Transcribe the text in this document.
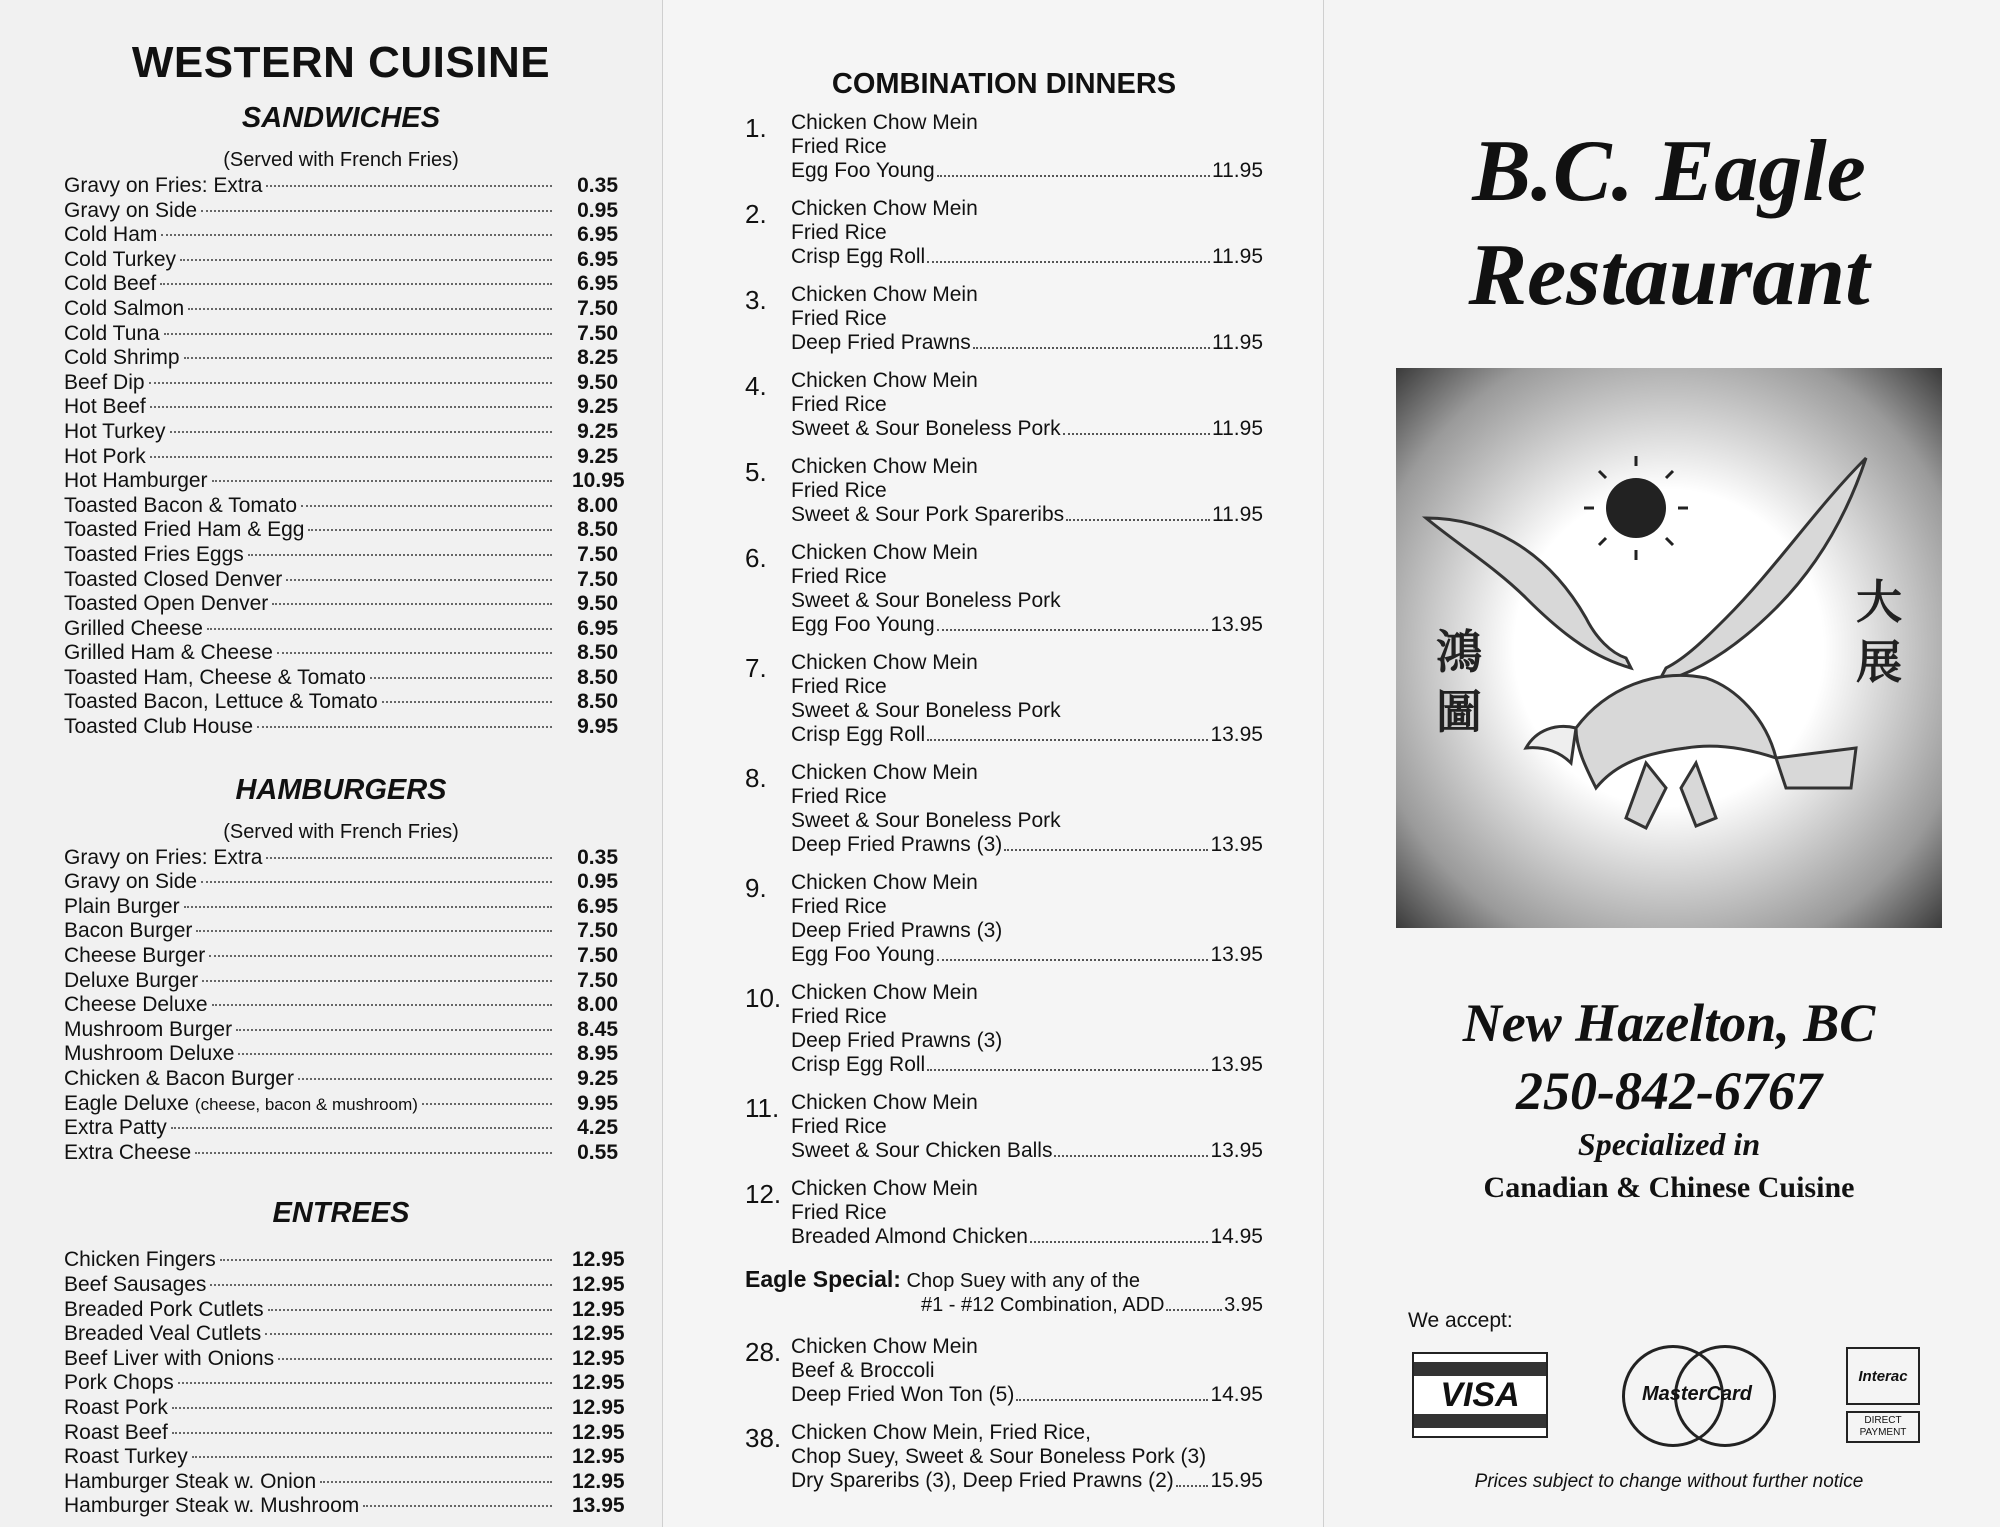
WESTERN CUISINE
SANDWICHES
(Served with French Fries)
Gravy on Fries: Extra	0.35
Gravy on Side	0.95
Cold Ham	6.95
Cold Turkey	6.95
Cold Beef	6.95
Cold Salmon	7.50
Cold Tuna	7.50
Cold Shrimp	8.25
Beef Dip	9.50
Hot Beef	9.25
Hot Turkey	9.25
Hot Pork	9.25
Hot Hamburger	10.95
Toasted Bacon & Tomato	8.00
Toasted Fried Ham & Egg	8.50
Toasted Fries Eggs	7.50
Toasted Closed Denver	7.50
Toasted Open Denver	9.50
Grilled Cheese	6.95
Grilled Ham & Cheese	8.50
Toasted Ham, Cheese & Tomato	8.50
Toasted Bacon, Lettuce & Tomato	8.50
Toasted Club House	9.95
HAMBURGERS
(Served with French Fries)
Gravy on Fries: Extra	0.35
Gravy on Side	0.95
Plain Burger	6.95
Bacon Burger	7.50
Cheese Burger	7.50
Deluxe Burger	7.50
Cheese Deluxe	8.00
Mushroom Burger	8.45
Mushroom Deluxe	8.95
Chicken & Bacon Burger	9.25
Eagle Deluxe (cheese, bacon & mushroom)	9.95
Extra Patty	4.25
Extra Cheese	0.55
ENTREES
Chicken Fingers	12.95
Beef Sausages	12.95
Breaded Pork Cutlets	12.95
Breaded Veal Cutlets	12.95
Beef Liver with Onions	12.95
Pork Chops	12.95
Roast Pork	12.95
Roast Beef	12.95
Roast Turkey	12.95
Hamburger Steak w. Onion	12.95
Hamburger Steak w. Mushroom	13.95
COMBINATION DINNERS
1.	Chicken Chow Mein
Fried Rice
Egg Foo Young	11.95
2.	Chicken Chow Mein
Fried Rice
Crisp Egg Roll	11.95
3.	Chicken Chow Mein
Fried Rice
Deep Fried Prawns	11.95
4.	Chicken Chow Mein
Fried Rice
Sweet & Sour Boneless Pork	11.95
5.	Chicken Chow Mein
Fried Rice
Sweet & Sour Pork Spareribs	11.95
6.	Chicken Chow Mein
Fried Rice
Sweet & Sour Boneless Pork
Egg Foo Young	13.95
7.	Chicken Chow Mein
Fried Rice
Sweet & Sour Boneless Pork
Crisp Egg Roll	13.95
8.	Chicken Chow Mein
Fried Rice
Sweet & Sour Boneless Pork
Deep Fried Prawns (3)	13.95
9.	Chicken Chow Mein
Fried Rice
Deep Fried Prawns (3)
Egg Foo Young	13.95
10. Chicken Chow Mein
Fried Rice
Deep Fried Prawns (3)
Crisp Egg Roll	13.95
11. Chicken Chow Mein
Fried Rice
Sweet & Sour Chicken Balls	13.95
12. Chicken Chow Mein
Fried Rice
Breaded Almond Chicken	14.95
Eagle Special: Chop Suey with any of the
#1 - #12 Combination, ADD	3.95
28. Chicken Chow Mein
Beef & Broccoli
Deep Fried Won Ton (5)	14.95
38. Chicken Chow Mein, Fried Rice,
Chop Suey, Sweet & Sour Boneless Pork (3)
Dry Spareribs (3), Deep Fried Prawns (2) 15.95
B.C. Eagle
Restaurant
鴻
圖
大
展
New Hazelton, BC
250-842-6767
Specialized in
Canadian & Chinese Cuisine
We accept:
VISA	MasterCard
Interac
DIRECT PAYMENT
Prices subject to change without further notice
